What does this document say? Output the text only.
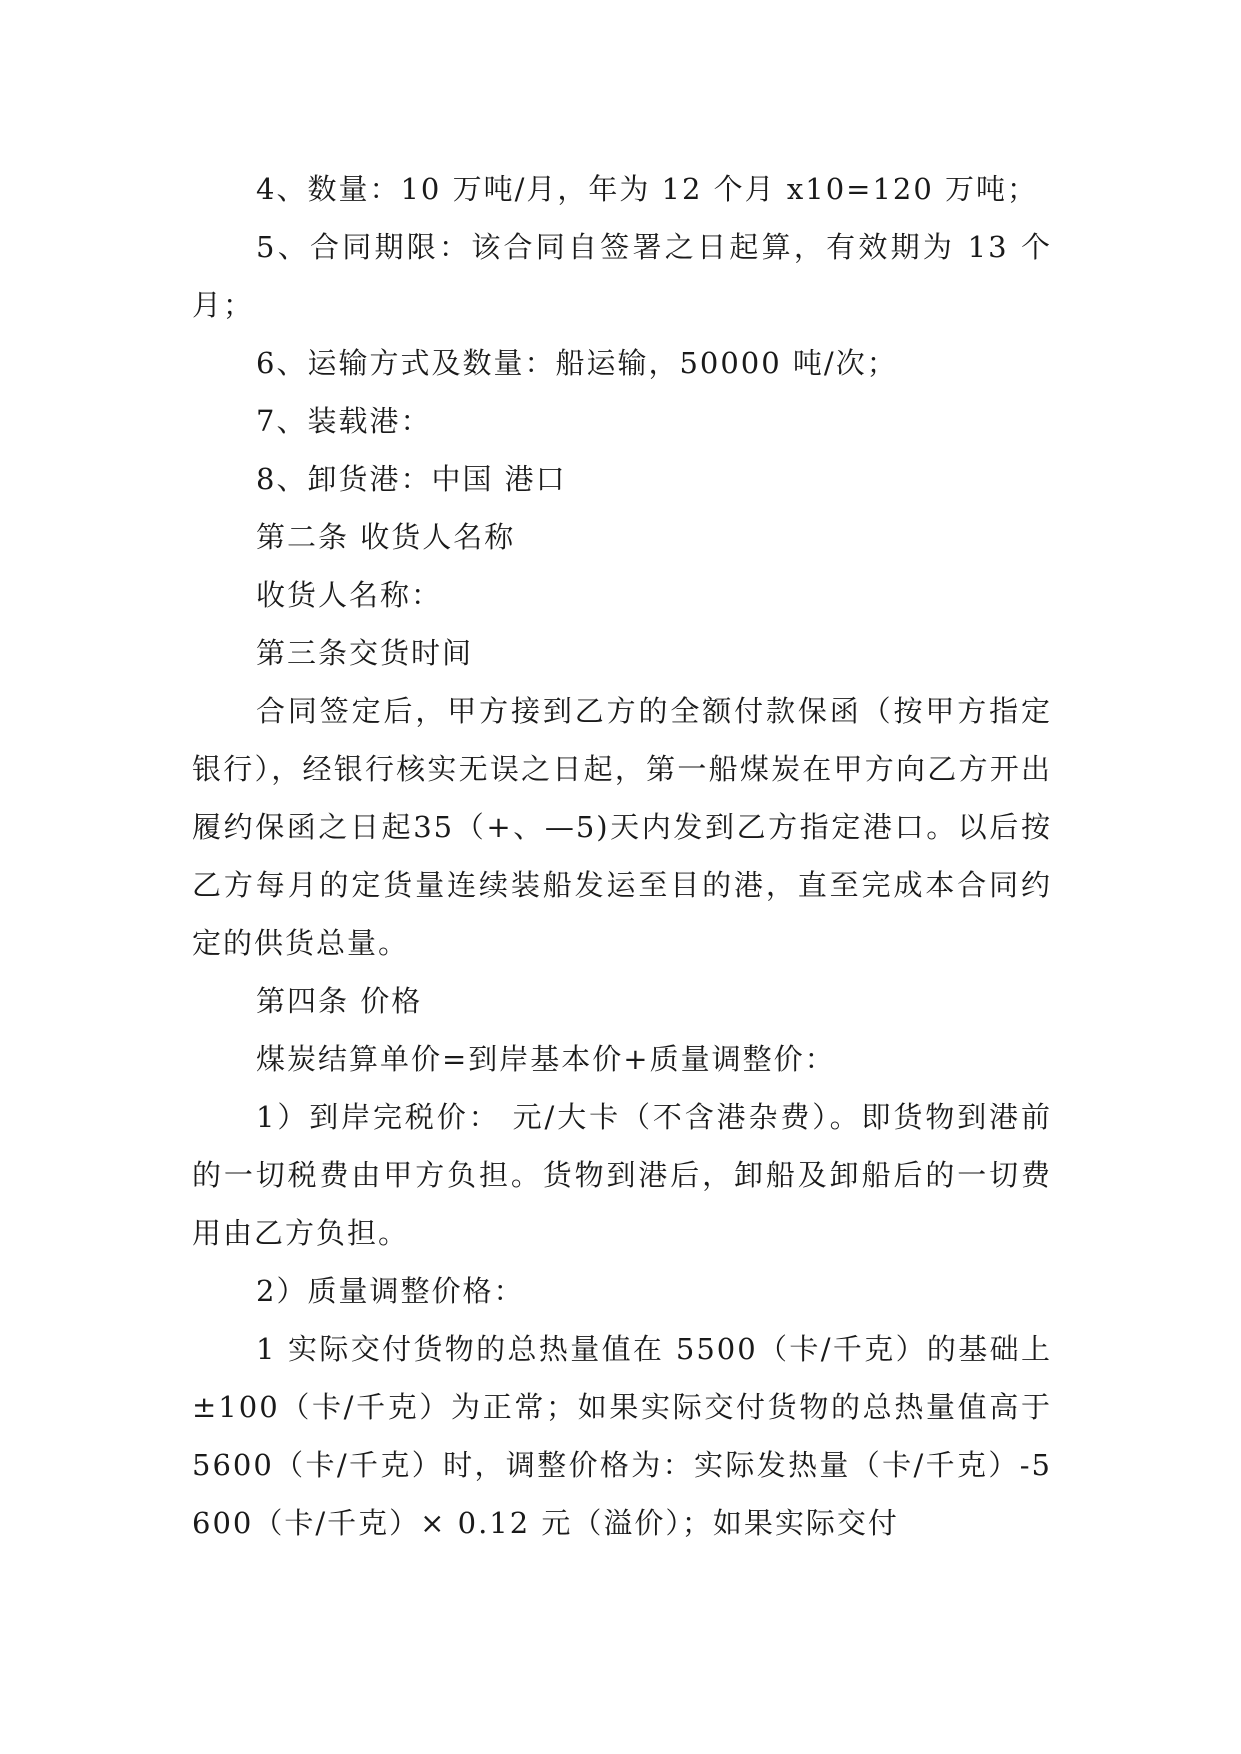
4、数量：10 万吨/月，年为 12 个月 x10=120 万吨；

5、合同期限：该合同自签署之日起算，有效期为 13 个月；

6、运输方式及数量：船运输，50000 吨/次；

7、装载港：

8、卸货港：中国 港口

第二条 收货人名称

收货人名称：

第三条交货时间

合同签定后，甲方接到乙方的全额付款保函（按甲方指定银行），经银行核实无误之日起，第一船煤炭在甲方向乙方开出履约保函之日起35（+、—5)天内发到乙方指定港口。以后按乙方每月的定货量连续装船发运至目的港，直至完成本合同约定的供货总量。

第四条 价格

煤炭结算单价=到岸基本价+质量调整价：

1）到岸完税价： 元/大卡（不含港杂费）。即货物到港前的一切税费由甲方负担。货物到港后，卸船及卸船后的一切费用由乙方负担。

2）质量调整价格：

1 实际交付货物的总热量值在 5500（卡/千克）的基础上±100（卡/千克）为正常；如果实际交付货物的总热量值高于 5600（卡/千克）时，调整价格为：实际发热量（卡/千克）-5600（卡/千克）× 0.12 元（溢价）；如果实际交付
